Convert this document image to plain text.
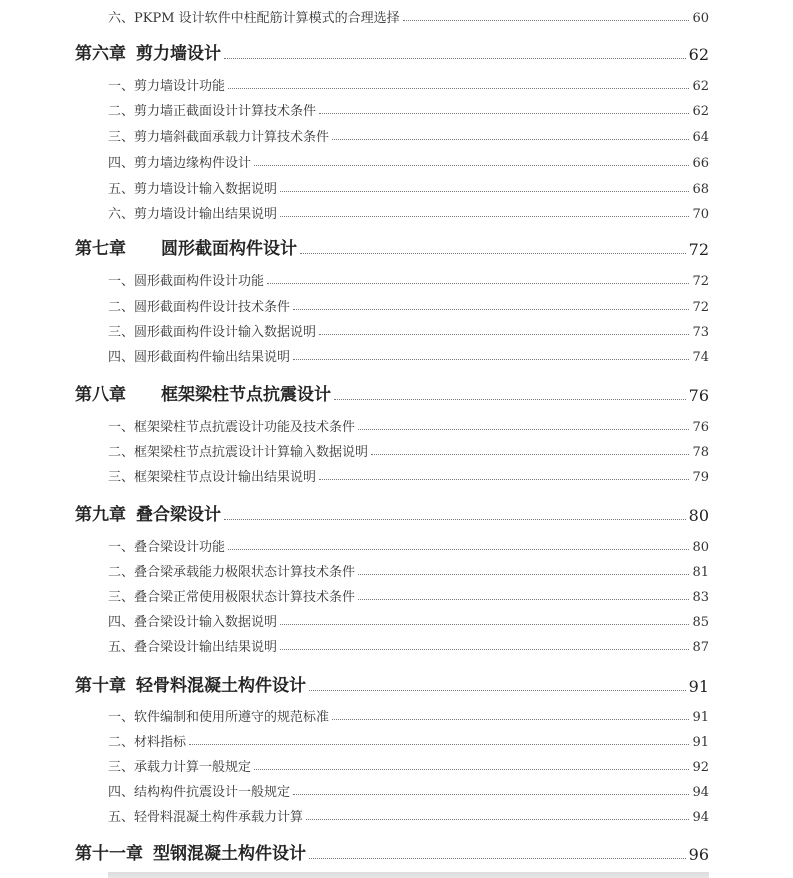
六、PKPM 设计软件中柱配筋计算模式的合理选择	60
第六章 剪力墙设计	62
一、剪力墙设计功能	62
二、剪力墙正截面设计计算技术条件	62
三、剪力墙斜截面承载力计算技术条件	64
四、剪力墙边缘构件设计	66
五、剪力墙设计输入数据说明	68
六、剪力墙设计输出结果说明	70
第七章 圆形截面构件设计	72
一、圆形截面构件设计功能	72
二、圆形截面构件设计技术条件	72
三、圆形截面构件设计输入数据说明	73
四、圆形截面构件输出结果说明	74
第八章 框架梁柱节点抗震设计	76
一、框架梁柱节点抗震设计功能及技术条件	76
二、框架梁柱节点抗震设计计算输入数据说明	78
三、框架梁柱节点设计输出结果说明	79
第九章 叠合梁设计	80
一、叠合梁设计功能	80
二、叠合梁承载能力极限状态计算技术条件	81
三、叠合梁正常使用极限状态计算技术条件	83
四、叠合梁设计输入数据说明	85
五、叠合梁设计输出结果说明	87
第十章 轻骨料混凝土构件设计	91
一、软件编制和使用所遵守的规范标准	91
二、材料指标	91
三、承载力计算一般规定	92
四、结构构件抗震设计一般规定	94
五、轻骨料混凝土构件承载力计算	94
第十一章 型钢混凝土构件设计	96
